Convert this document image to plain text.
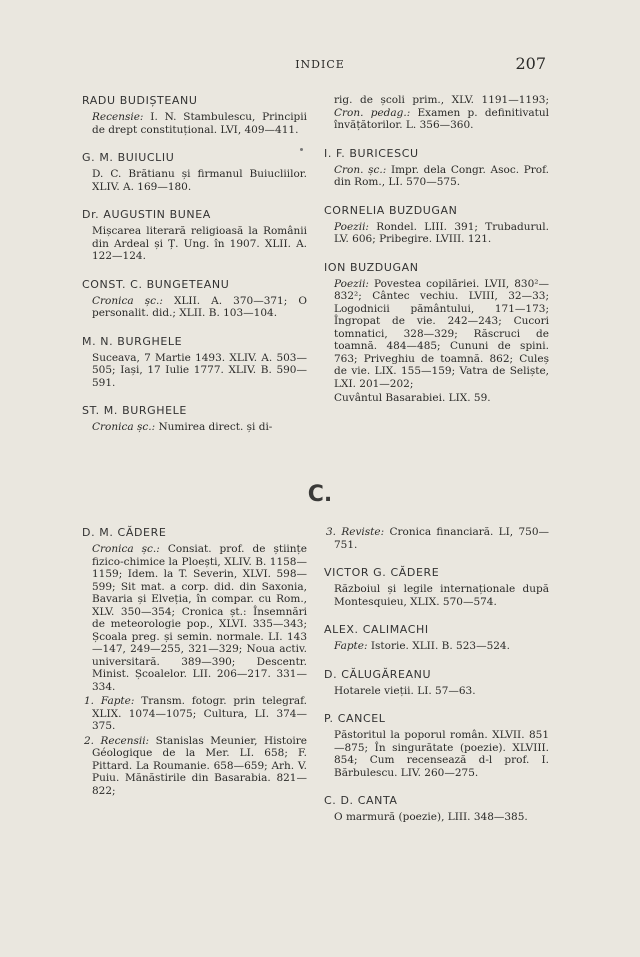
INDICE	207
RADU BUDIȘTEANU
Recensie: I. N. Stambulescu, Principii de drept constituțional. LVI, 409—411.
G. M. BUIUCLIU
D. C. Brătianu și firmanul Buiucliilor. XLIV. A. 169—180.
Dr. AUGUSTIN BUNEA
Mișcarea literară religioasă la Românii din Ardeal și Ț. Ung. în 1907. XLII. A. 122—124.
CONST. C. BUNGETEANU
Cronica șc.: XLII. A. 370—371; O personalit. did.; XLII. B. 103—104.
M. N. BURGHELE
Suceava, 7 Martie 1493. XLIV. A. 503—505; Iași, 17 Iulie 1777. XLIV. B. 590—591.
ST. M. BURGHELE
Cronica șc.: Numirea direct. și di-
rig. de școli prim., XLV. 1191—1193; Cron. pedag.: Examen p. definitivatul învățătorilor. L. 356—360.
I. F. BURICESCU
Cron. șc.: Impr. dela Congr. Asoc. Prof. din Rom., LI. 570—575.
CORNELIA BUZDUGAN
Poezii: Rondel. LIII. 391; Trubadurul. LV. 606; Pribegire. LVIII. 121.
ION BUZDUGAN
Poezii: Povestea copilăriei. LVII, 830²—832²; Cântec vechiu. LVIII, 32—33; Logodnicii pământului, 171—173; Îngropat de vie. 242—243; Cucori tomnatici, 328—329; Răscruci de toamnă. 484—485; Cununi de spini. 763; Priveghiu de toamnă. 862; Culeș de vie. LIX. 155—159; Vatra de Seliște, LXI. 201—202;
Cuvântul Basarabiei. LIX. 59.
C.
D. M. CĂDERE
Cronica șc.: Consiat. prof. de științe fizico-chimice la Ploești, XLIV. B. 1158—1159; Idem. la T. Severin, XLVI. 598—599; Sit mat. a corp. did. din Saxonia, Bavaria și Elveția, în compar. cu Rom., XLV. 350—354; Cronica șt.: Însemnări de meteorologie pop., XLVI. 335—343; Școala preg. și semin. normale. LI. 143—147, 249—255, 321—329; Noua activ. universitară. 389—390; Descentr. Minist. Școalelor. LII. 206—217. 331—334.
1. Fapte: Transm. fotogr. prin telegraf. XLIX. 1074—1075; Cultura, LI. 374—375.
2. Recensii: Stanislas Meunier, Histoire Géologique de la Mer. LI. 658; F. Pittard. La Roumanie. 658—659; Arh. V. Puiu. Mănăstirile din Basarabia. 821—822;
3. Reviste: Cronica financiară. LI, 750—751.
VICTOR G. CĂDERE
Războiul și legile internaționale după Montesquieu, XLIX. 570—574.
ALEX. CALIMACHI
Fapte: Istorie. XLII. B. 523—524.
D. CĂLUGĂREANU
Hotarele vieții. LI. 57—63.
P. CANCEL
Păstoritul la poporul român. XLVII. 851—875; În singurătate (poezie). XLVIII. 854; Cum recensează d-l prof. I. Bărbulescu. LIV. 260—275.
C. D. CANTA
O marmură (poezie), LIII. 348—385.
